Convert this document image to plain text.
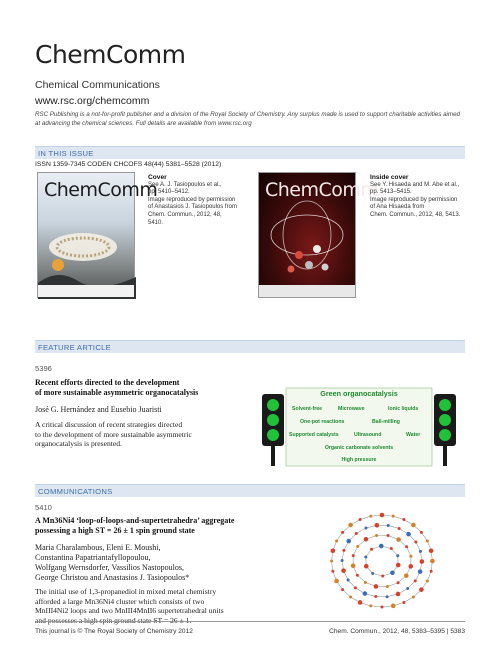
ChemComm
Chemical Communications
www.rsc.org/chemcomm
RSC Publishing is a not-for-profit publisher and a division of the Royal Society of Chemistry. Any surplus made is used to support charitable activities aimed at advancing the chemical sciences. Full details are available from www.rsc.org
IN THIS ISSUE
ISSN 1359-7345 CODEN CHCOFS 48(44) 5381–5528 (2012)
ChemComm
Cover
See A. J. Tasiopoulos et al.,
pp. 5410–5412.
Image reproduced by permission
of Anastasios J. Tasiopoulos from
Chem. Commun., 2012, 48, 5410.
ChemComm
Inside cover
See Y. Hisaeda and M. Abe et al.,
pp. 5413–5415.
Image reproduced by permission
of Ana Hisaeda from
Chem. Commun., 2012, 48, 5413.
FEATURE ARTICLE
5396
Recent efforts directed to the development
of more sustainable asymmetric organocatalysis
José G. Hernández and Eusebio Juaristi
A critical discussion of recent strategies directed
to the development of more sustainable asymmetric
organocatalysis is presented.
Green organocatalysis
Solvent-free	Microwave	Ionic liquids
One-pot reactions	Ball-milling
Supported catalysts	Ultrasound	Water
Organic carbonate solvents
High pressure
COMMUNICATIONS
5410
A Mn36Ni4 ‘loop-of-loops-and-supertetrahedra’ aggregate
possessing a high ST = 26 ± 1 spin ground state
Maria Charalambous, Eleni E. Moushi,
Constantina Papatriantafyllopoulou,
Wolfgang Wernsdorfer, Vassilios Nastopoulos,
George Christou and Anastasios J. Tasiopoulos*
The initial use of 1,3-propanediol in mixed metal chemistry
afforded a large Mn36Ni4 cluster which consists of two
MnIII4Ni2 loops and two MnIII4MnII6 supertetrahedral units
and possesses a high spin ground state ST = 26 ± 1.
This journal is © The Royal Society of Chemistry 2012	Chem. Commun., 2012, 48, 5383–5395 | 5383
